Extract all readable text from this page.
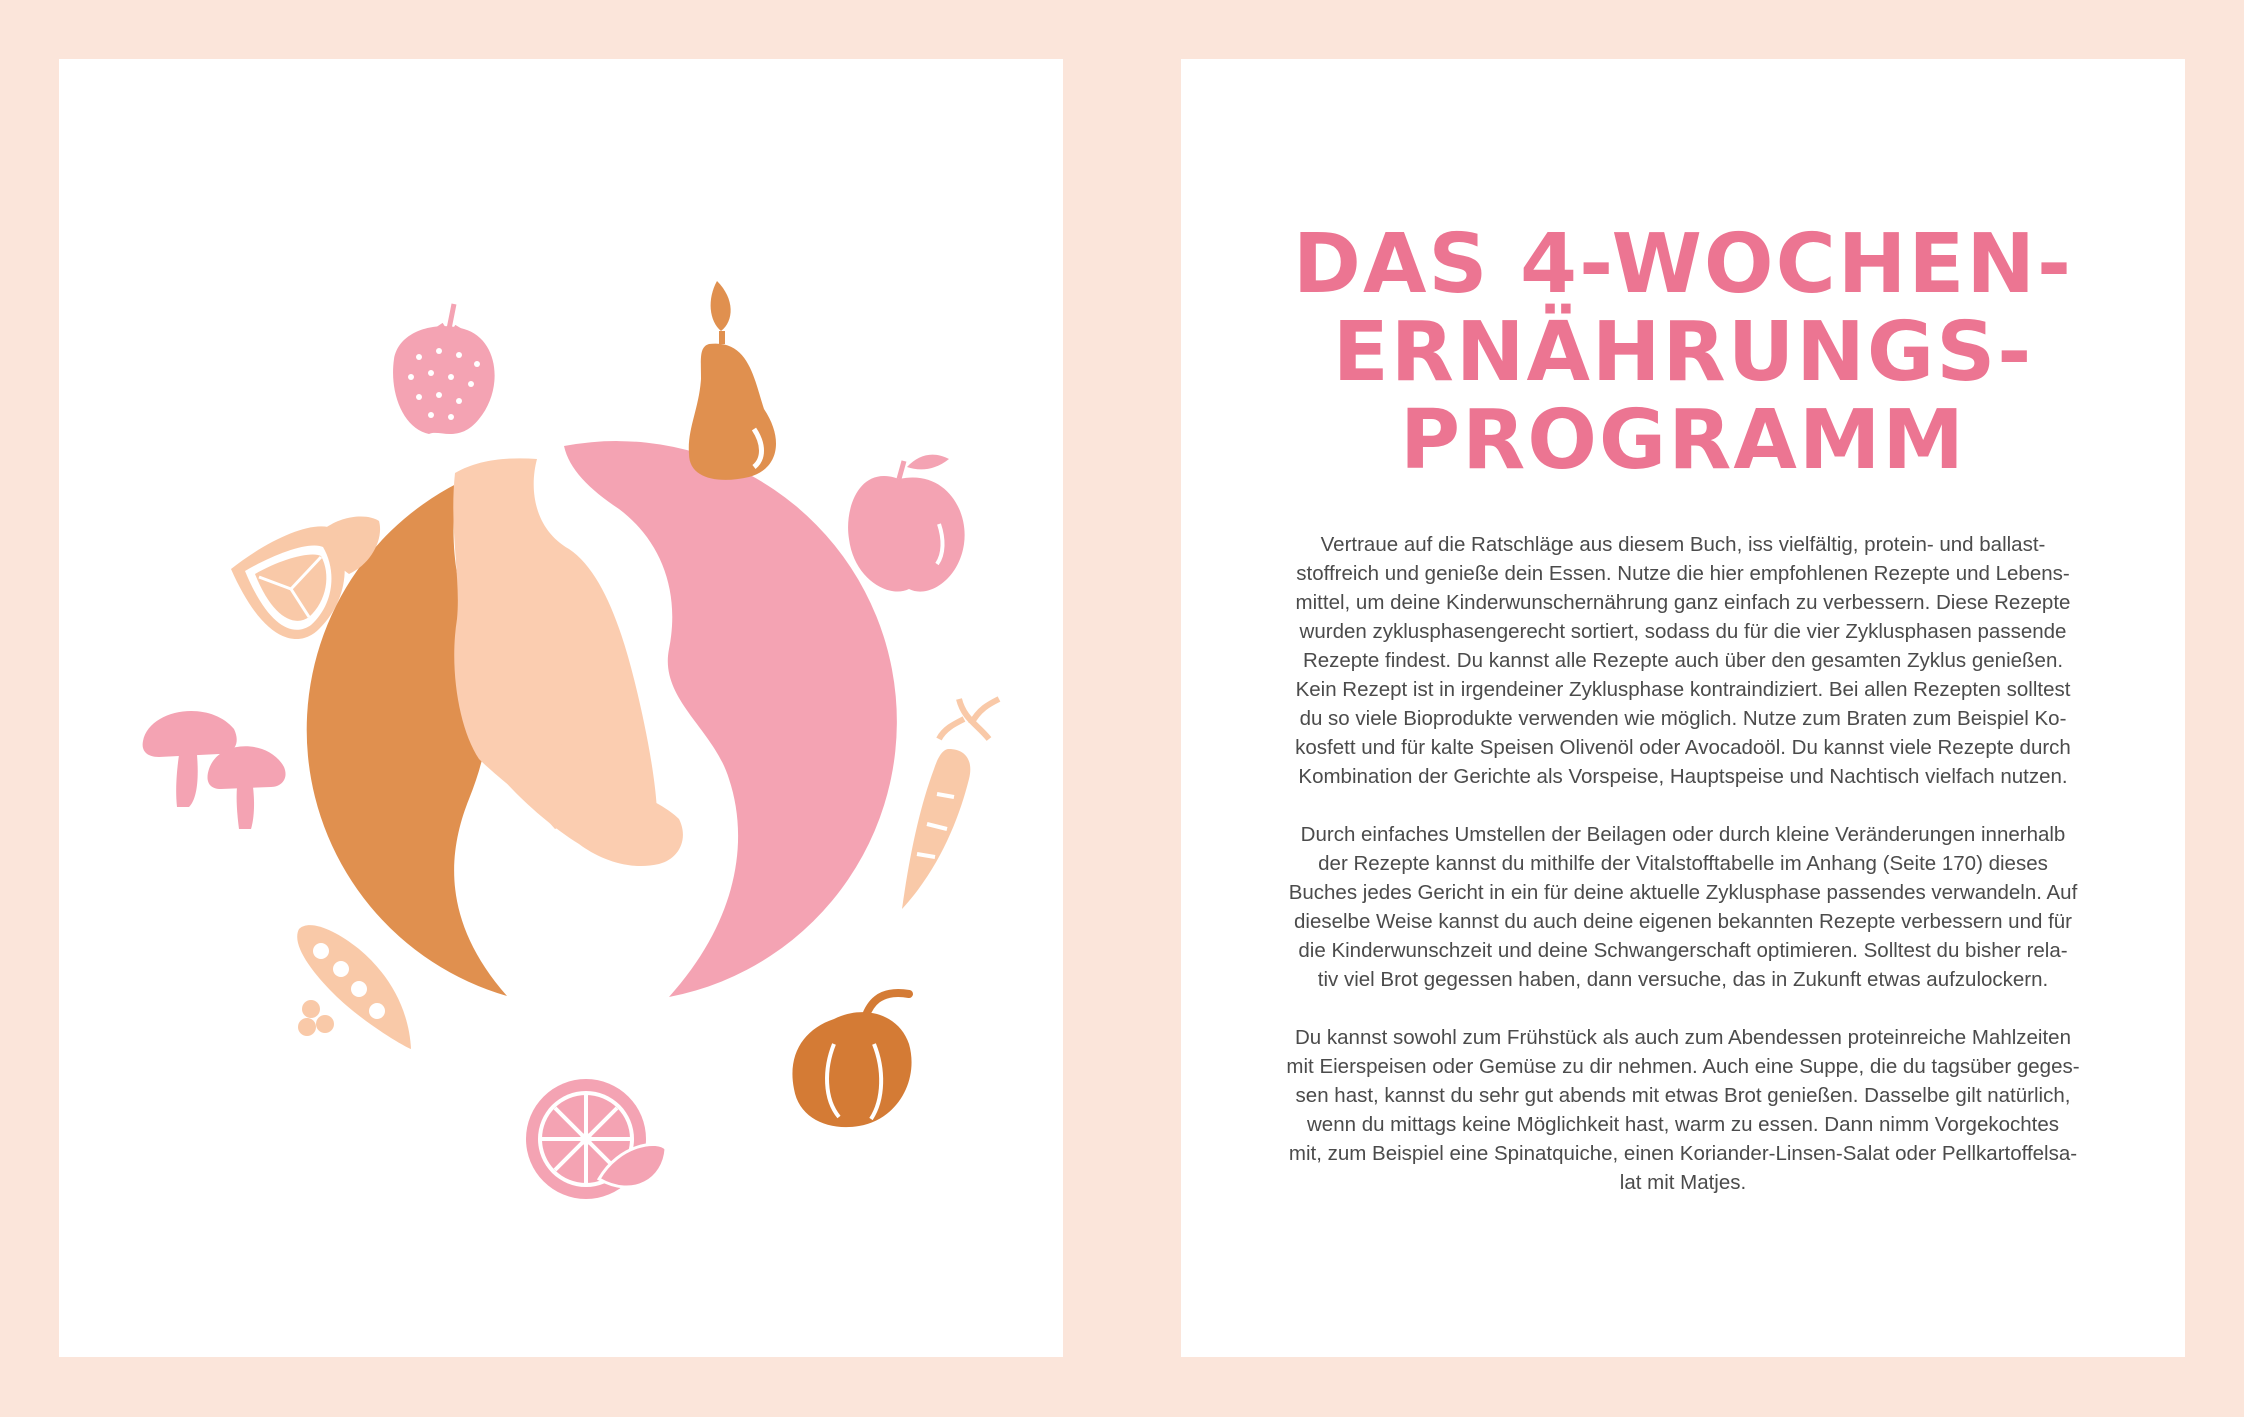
DAS 4-WOCHEN-
ERNÄHRUNGS-
PROGRAMM

Vertraue auf die Ratschläge aus diesem Buch, iss vielfältig, protein- und ballast-
stoffreich und genieße dein Essen. Nutze die hier empfohlenen Rezepte und Lebens-
mittel, um deine Kinderwunschernährung ganz einfach zu verbessern. Diese Rezepte
wurden zyklusphasengerecht sortiert, sodass du für die vier Zyklusphasen passende
Rezepte findest. Du kannst alle Rezepte auch über den gesamten Zyklus genießen.
Kein Rezept ist in irgendeiner Zyklusphase kontraindiziert. Bei allen Rezepten solltest
du so viele Bioprodukte verwenden wie möglich. Nutze zum Braten zum Beispiel Ko-
kosfett und für kalte Speisen Olivenöl oder Avocadoöl. Du kannst viele Rezepte durch
Kombination der Gerichte als Vorspeise, Hauptspeise und Nachtisch vielfach nutzen.

Durch einfaches Umstellen der Beilagen oder durch kleine Veränderungen innerhalb
der Rezepte kannst du mithilfe der Vitalstofftabelle im Anhang (Seite 170) dieses
Buches jedes Gericht in ein für deine aktuelle Zyklusphase passendes verwandeln. Auf
dieselbe Weise kannst du auch deine eigenen bekannten Rezepte verbessern und für
die Kinderwunschzeit und deine Schwangerschaft optimieren. Solltest du bisher rela-
tiv viel Brot gegessen haben, dann versuche, das in Zukunft etwas aufzulockern.

Du kannst sowohl zum Frühstück als auch zum Abendessen proteinreiche Mahlzeiten
mit Eierspeisen oder Gemüse zu dir nehmen. Auch eine Suppe, die du tagsüber geges-
sen hast, kannst du sehr gut abends mit etwas Brot genießen. Dasselbe gilt natürlich,
wenn du mittags keine Möglichkeit hast, warm zu essen. Dann nimm Vorgekochtes
mit, zum Beispiel eine Spinatquiche, einen Koriander-Linsen-Salat oder Pellkartoffelsa-
lat mit Matjes.
